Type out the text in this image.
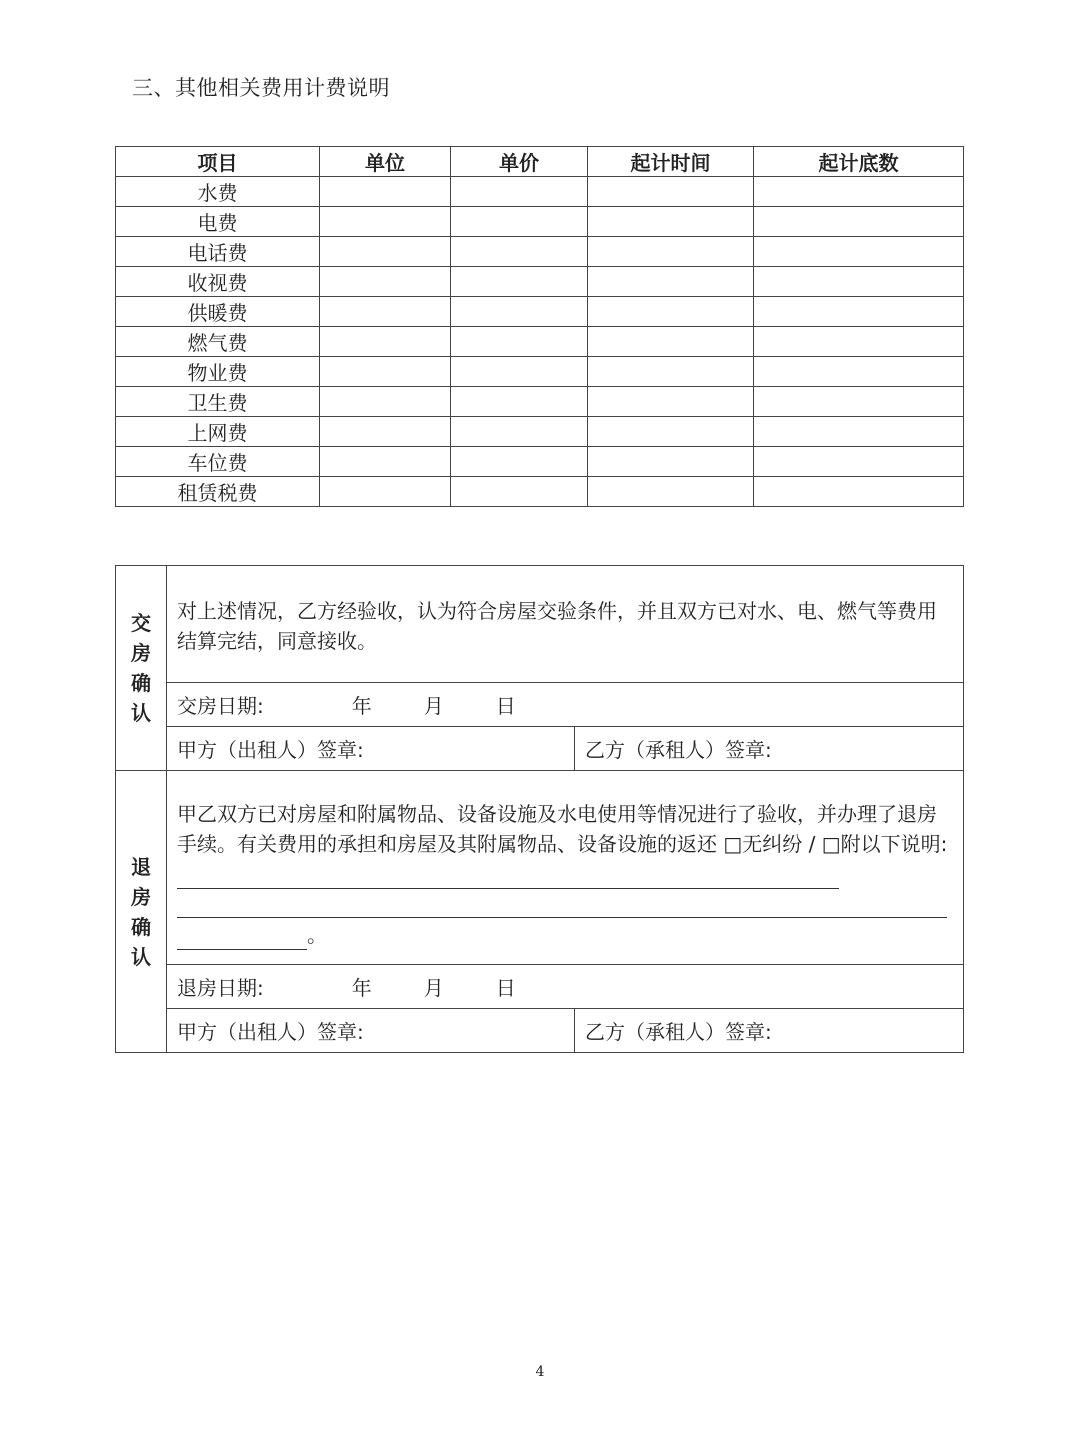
三、其他相关费用计费说明
项目	单位	单价	起计时间	起计底数
水费				
电费				
电话费				
收视费				
供暖费				
燃气费				
物业费				
卫生费				
上网费				
车位费				
租赁税费				
交
房
确
认	对上述情况，乙方经验收，认为符合房屋交验条件，并且双方已对水、电、燃气等费用结算完结，同意接收。	
	交房日期: 年 月 日	
	甲方（出租人）签章:	乙方（承租人）签章:

退
房
确
认	甲乙双方已对房屋和附属物品、设备设施及水电使用等情况进行了验收，并办理了退房手续。有关费用的承担和房屋及其附属物品、设备设施的返还 □无纠纷 / □附以下说明:
。	

	退房日期: 年 月 日	
	甲方（出租人）签章:	乙方（承租人）签章:
4
